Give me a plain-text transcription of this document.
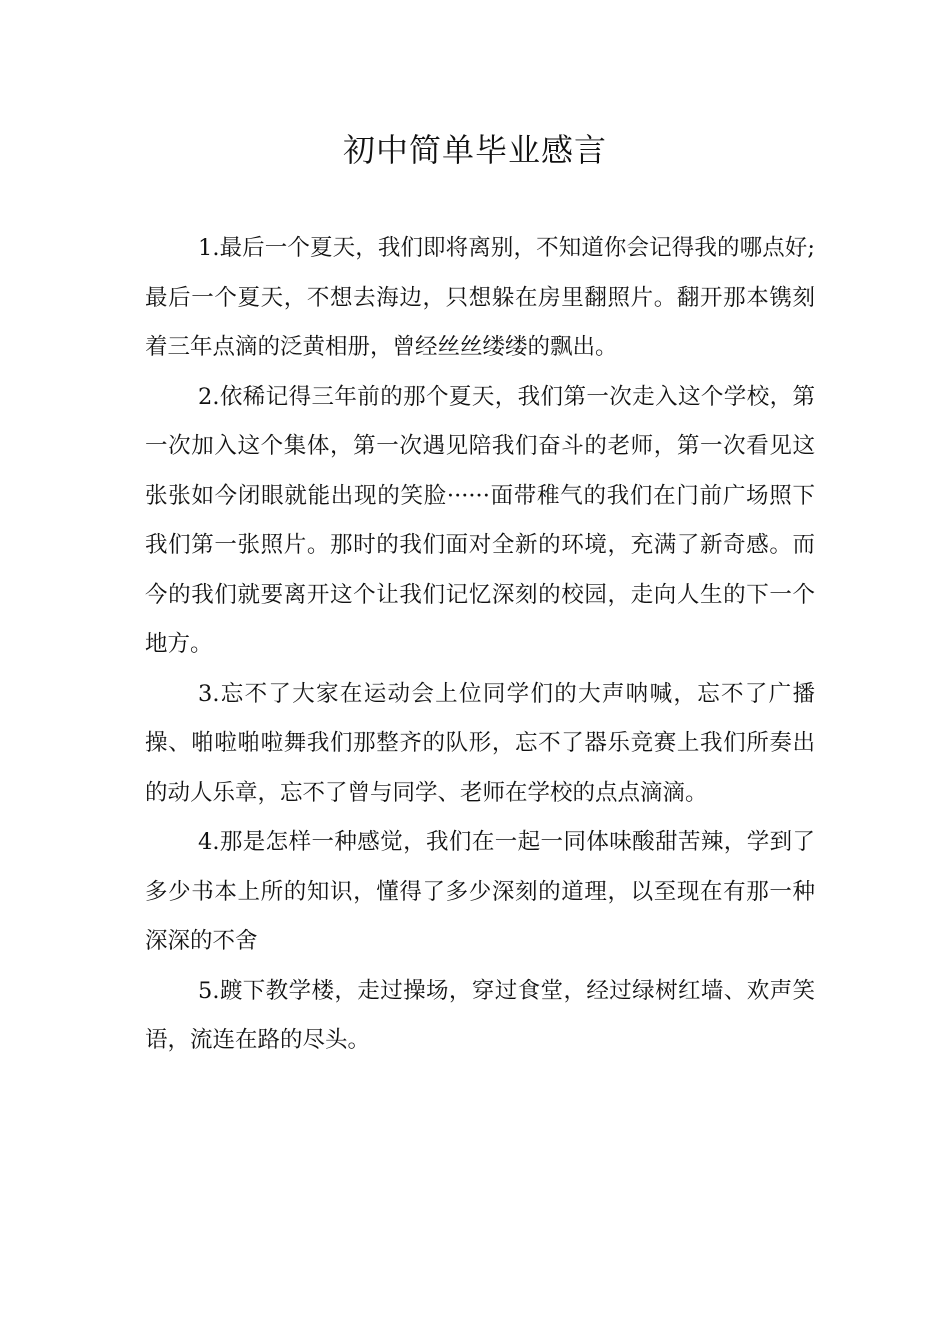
初中简单毕业感言

1.最后一个夏天，我们即将离别，不知道你会记得我的哪点好;最后一个夏天，不想去海边，只想躲在房里翻照片。翻开那本镌刻着三年点滴的泛黄相册，曾经丝丝缕缕的飘出。

2.依稀记得三年前的那个夏天，我们第一次走入这个学校，第一次加入这个集体，第一次遇见陪我们奋斗的老师，第一次看见这张张如今闭眼就能出现的笑脸······面带稚气的我们在门前广场照下我们第一张照片。那时的我们面对全新的环境，充满了新奇感。而今的我们就要离开这个让我们记忆深刻的校园，走向人生的下一个地方。

3.忘不了大家在运动会上位同学们的大声呐喊，忘不了广播操、啪啦啪啦舞我们那整齐的队形，忘不了器乐竞赛上我们所奏出的动人乐章，忘不了曾与同学、老师在学校的点点滴滴。

4.那是怎样一种感觉，我们在一起一同体味酸甜苦辣，学到了多少书本上所的知识，懂得了多少深刻的道理，以至现在有那一种深深的不舍

5.踱下教学楼，走过操场，穿过食堂，经过绿树红墙、欢声笑语，流连在路的尽头。
